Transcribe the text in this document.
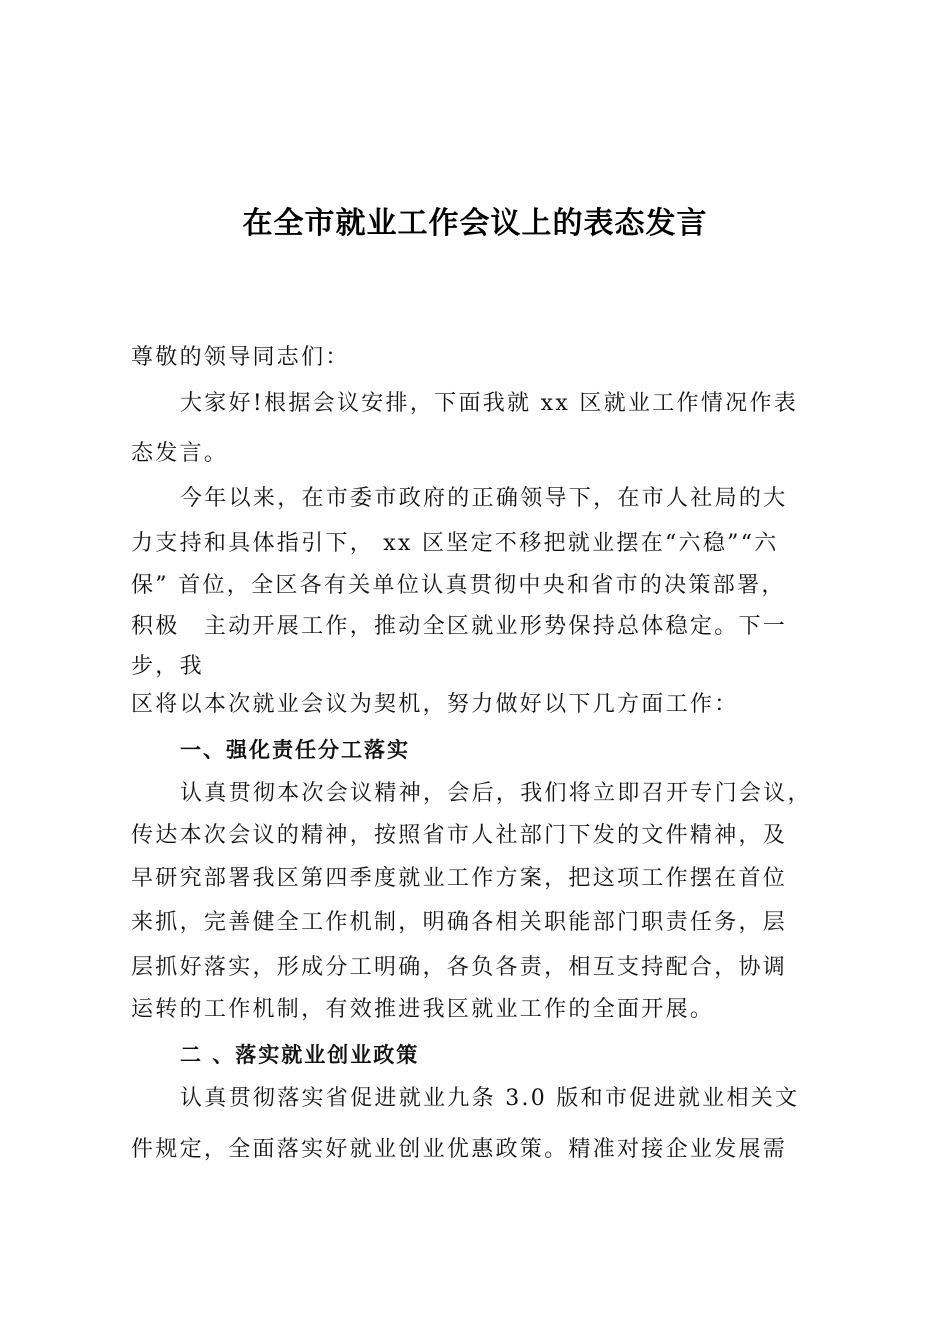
在全市就业工作会议上的表态发言
尊敬的领导同志们：
大家好!根据会议安排，下面我就 xx 区就业工作情况作表
态发言。
今年以来，在市委市政府的正确领导下，在市人社局的大
力支持和具体指引下， xx 区坚定不移把就业摆在“六稳”“六
保” 首位，全区各有关单位认真贯彻中央和省市的决策部署，
积极　主动开展工作，推动全区就业形势保持总体稳定。下一
步，我
区将以本次就业会议为契机，努力做好以下几方面工作：
一、强化责任分工落实
认真贯彻本次会议精神，会后，我们将立即召开专门会议，
传达本次会议的精神，按照省市人社部门下发的文件精神，及
早研究部署我区第四季度就业工作方案，把这项工作摆在首位
来抓，完善健全工作机制，明确各相关职能部门职责任务，层
层抓好落实，形成分工明确，各负各责，相互支持配合，协调
运转的工作机制，有效推进我区就业工作的全面开展。
二 、落实就业创业政策
认真贯彻落实省促进就业九条 3.0 版和市促进就业相关文
件规定，全面落实好就业创业优惠政策。精准对接企业发展需
